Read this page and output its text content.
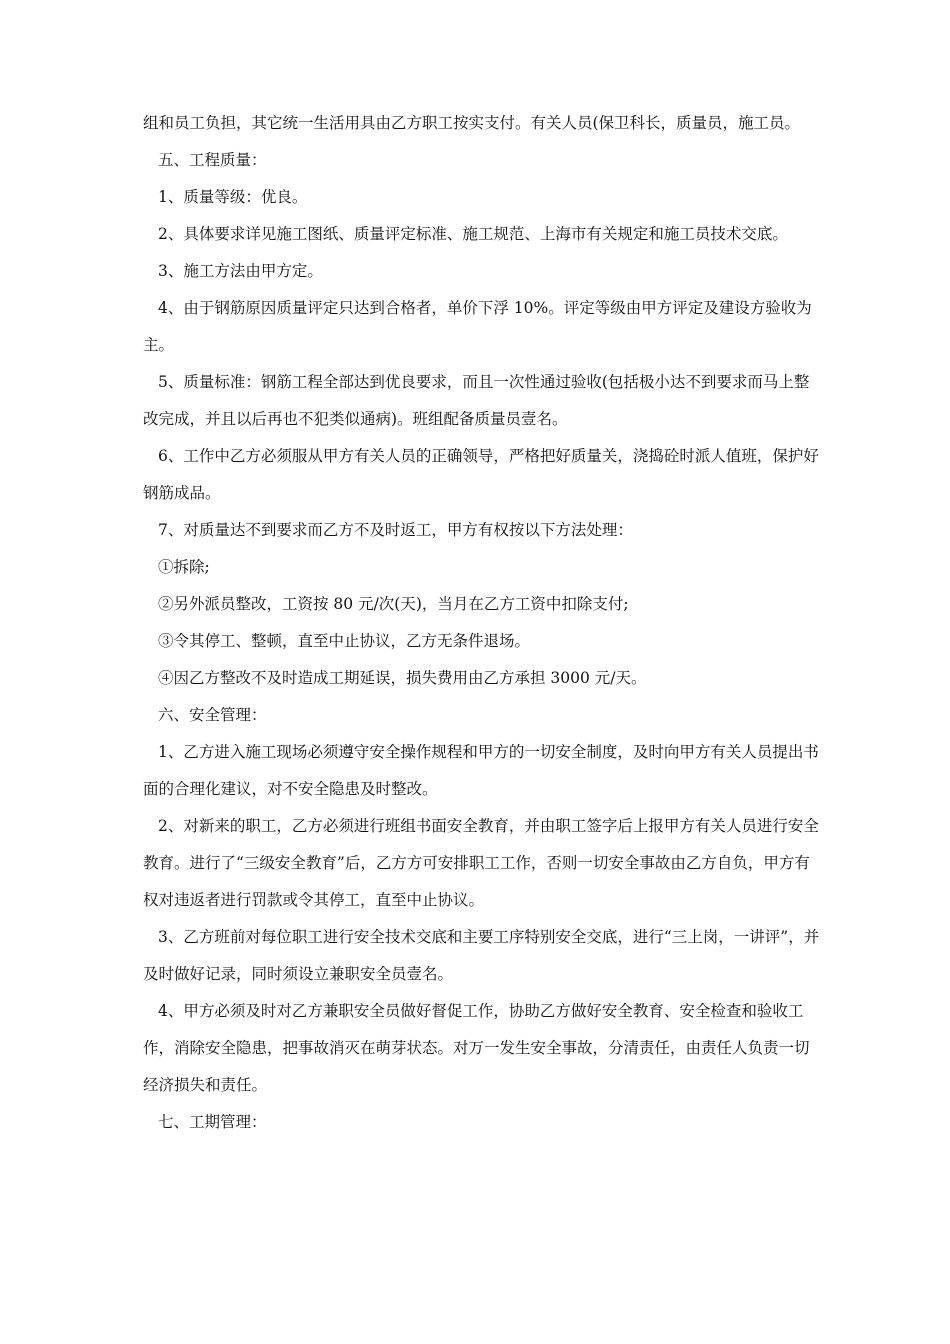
组和员工负担，其它统一生活用具由乙方职工按实支付。有关人员(保卫科长，质量员，施工员。

五、工程质量：

1、质量等级：优良。

2、具体要求详见施工图纸、质量评定标准、施工规范、上海市有关规定和施工员技术交底。

3、施工方法由甲方定。

4、由于钢筋原因质量评定只达到合格者，单价下浮 10%。评定等级由甲方评定及建设方验收为主。

5、质量标准：钢筋工程全部达到优良要求，而且一次性通过验收(包括极小达不到要求而马上整改完成，并且以后再也不犯类似通病)。班组配备质量员壹名。

6、工作中乙方必须服从甲方有关人员的正确领导，严格把好质量关，浇捣砼时派人值班，保护好钢筋成品。

7、对质量达不到要求而乙方不及时返工，甲方有权按以下方法处理：

①拆除;

②另外派员整改，工资按 80 元/次(天)，当月在乙方工资中扣除支付;

③令其停工、整顿，直至中止协议，乙方无条件退场。

④因乙方整改不及时造成工期延误，损失费用由乙方承担 3000 元/天。

六、安全管理：

1、乙方进入施工现场必须遵守安全操作规程和甲方的一切安全制度，及时向甲方有关人员提出书面的合理化建议，对不安全隐患及时整改。

2、对新来的职工，乙方必须进行班组书面安全教育，并由职工签字后上报甲方有关人员进行安全教育。进行了“三级安全教育”后，乙方方可安排职工工作，否则一切安全事故由乙方自负，甲方有权对违返者进行罚款或令其停工，直至中止协议。

3、乙方班前对每位职工进行安全技术交底和主要工序特别安全交底，进行“三上岗，一讲评”，并及时做好记录，同时须设立兼职安全员壹名。

4、甲方必须及时对乙方兼职安全员做好督促工作，协助乙方做好安全教育、安全检查和验收工作，消除安全隐患，把事故消灭在萌芽状态。对万一发生安全事故，分清责任，由责任人负责一切经济损失和责任。

七、工期管理：
